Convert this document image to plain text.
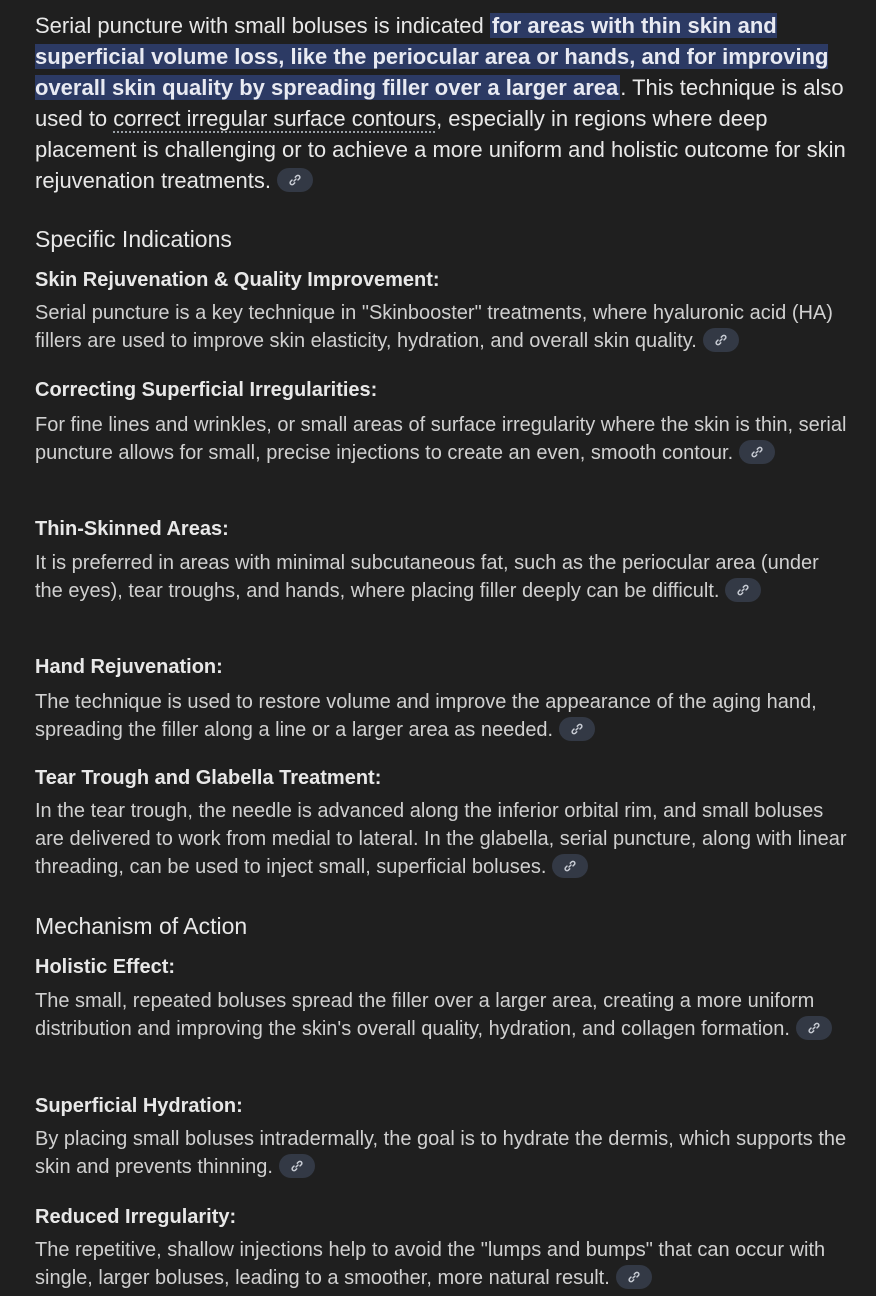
Serial puncture with small boluses is indicated for areas with thin skin and superficial volume loss, like the periocular area or hands, and for improving overall skin quality by spreading filler over a larger area. This technique is also used to correct irregular surface contours, especially in regions where deep placement is challenging or to achieve a more uniform and holistic outcome for skin rejuvenation treatments.

Specific Indications
Skin Rejuvenation & Quality Improvement:

Serial puncture is a key technique in "Skinbooster" treatments, where hyaluronic acid (HA) fillers are used to improve skin elasticity, hydration, and overall skin quality.

Correcting Superficial Irregularities:

For fine lines and wrinkles, or small areas of surface irregularity where the skin is thin, serial puncture allows for small, precise injections to create an even, smooth contour.

Thin-Skinned Areas:

It is preferred in areas with minimal subcutaneous fat, such as the periocular area (under the eyes), tear troughs, and hands, where placing filler deeply can be difficult.

Hand Rejuvenation:

The technique is used to restore volume and improve the appearance of the aging hand, spreading the filler along a line or a larger area as needed.

Tear Trough and Glabella Treatment:

In the tear trough, the needle is advanced along the inferior orbital rim, and small boluses are delivered to work from medial to lateral. In the glabella, serial puncture, along with linear threading, can be used to inject small, superficial boluses.

Mechanism of Action
Holistic Effect:

The small, repeated boluses spread the filler over a larger area, creating a more uniform distribution and improving the skin's overall quality, hydration, and collagen formation.

Superficial Hydration:

By placing small boluses intradermally, the goal is to hydrate the dermis, which supports the skin and prevents thinning.

Reduced Irregularity:

The repetitive, shallow injections help to avoid the "lumps and bumps" that can occur with single, larger boluses, leading to a smoother, more natural result.
